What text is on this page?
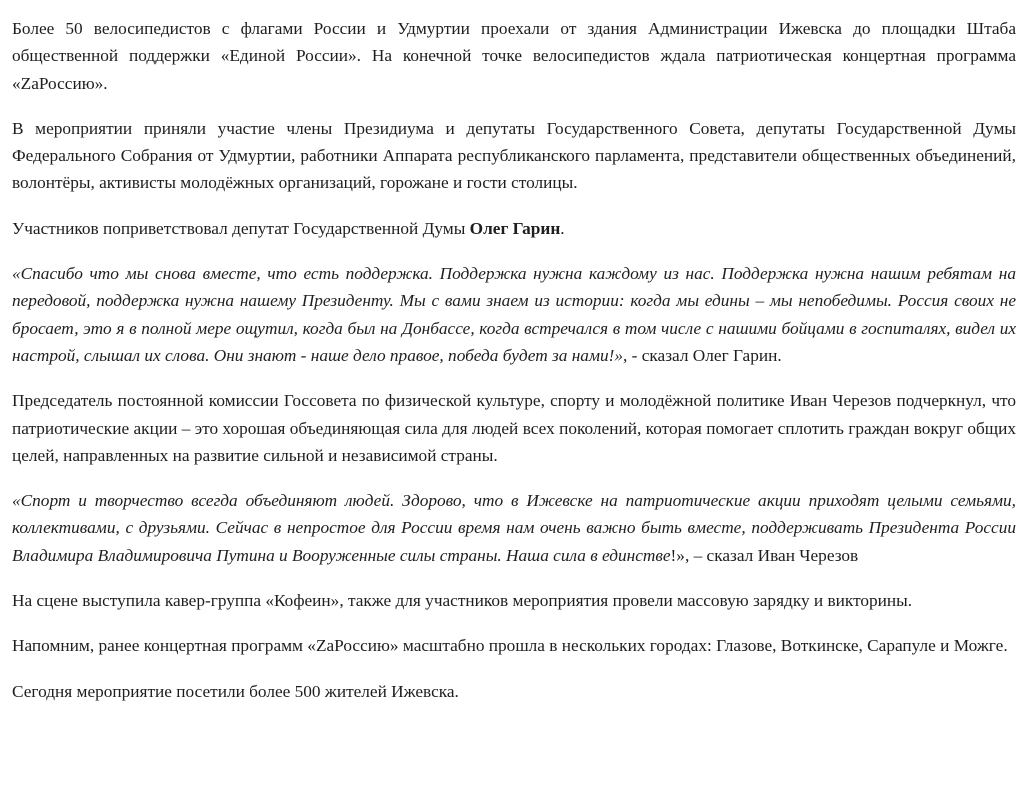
Более 50 велосипедистов с флагами России и Удмуртии проехали от здания Администрации Ижевска до площадки Штаба общественной поддержки «Единой России». На конечной точке велосипедистов ждала патриотическая концертная программа «ZaРоссию».

В мероприятии приняли участие члены Президиума и депутаты Государственного Совета, депутаты Государственной Думы Федерального Собрания от Удмуртии, работники Аппарата республиканского парламента, представители общественных объединений, волонтёры, активисты молодёжных организаций, горожане и гости столицы.

Участников поприветствовал депутат Государственной Думы Олег Гарин.

«Спасибо что мы снова вместе, что есть поддержка. Поддержка нужна каждому из нас. Поддержка нужна нашим ребятам на передовой, поддержка нужна нашему Президенту. Мы с вами знаем из истории: когда мы едины – мы непобедимы. Россия своих не бросает, это я в полной мере ощутил, когда был на Донбассе, когда встречался в том числе с нашими бойцами в госпиталях, видел их настрой, слышал их слова. Они знают - наше дело правое, победа будет за нами!», - сказал Олег Гарин.

Председатель постоянной комиссии Госсовета по физической культуре, спорту и молодёжной политике Иван Черезов подчеркнул, что патриотические акции – это хорошая объединяющая сила для людей всех поколений, которая помогает сплотить граждан вокруг общих целей, направленных на развитие сильной и независимой страны.

«Спорт и творчество всегда объединяют людей. Здорово, что в Ижевске на патриотические акции приходят целыми семьями, коллективами, с друзьями. Сейчас в непростое для России время нам очень важно быть вместе, поддерживать Президента России Владимира Владимировича Путина и Вооруженные силы страны. Наша сила в единстве!», – сказал Иван Черезов

На сцене выступила кавер-группа «Кофеин», также для участников мероприятия провели массовую зарядку и викторины.

Напомним, ранее концертная программ «ZaРоссию» масштабно прошла в нескольких городах: Глазове, Воткинске, Сарапуле и Можге.

Сегодня мероприятие посетили более 500 жителей Ижевска.
